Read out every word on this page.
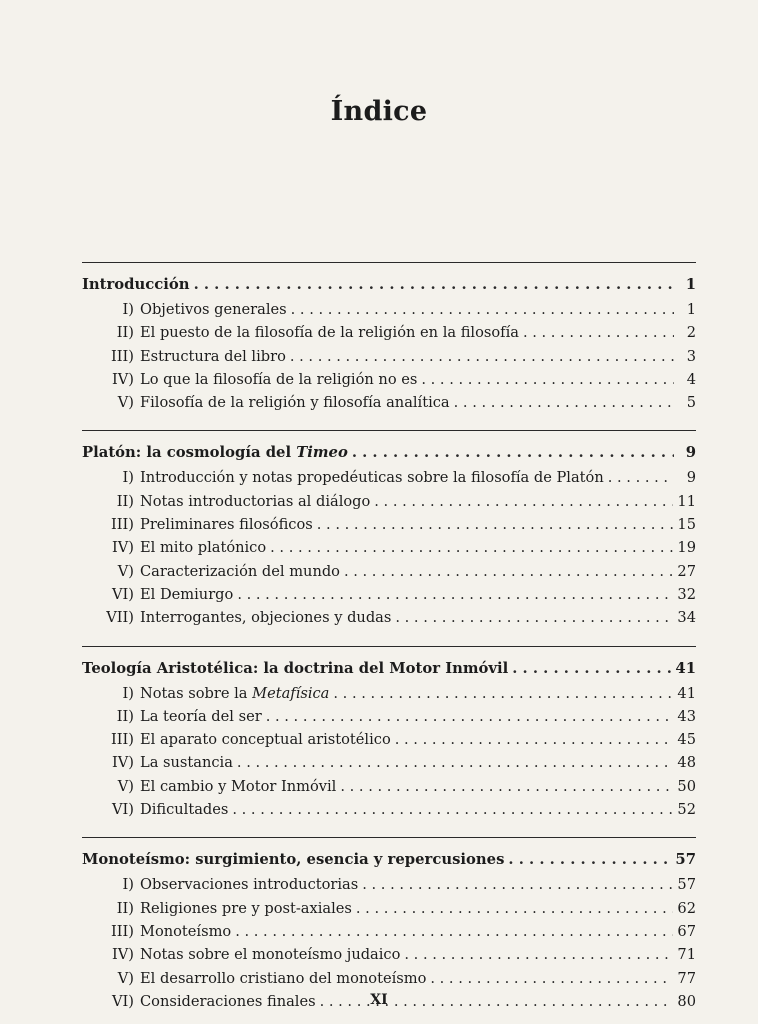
Índice
Introducción . . .	1
I) Objetivos generales . . .	1
II) El puesto de la filosofía de la religión en la filosofía . . .	2
III) Estructura del libro . . .	3
IV) Lo que la filosofía de la religión no es . . .	4
V) Filosofía de la religión y filosofía analítica . . .	5
Platón: la cosmología del Timeo . . .	9
I) Introducción y notas propedéuticas sobre la filosofía de Platón . . .	9
II) Notas introductorias al diálogo . . .	11
III) Preliminares filosóficos . . .	15
IV) El mito platónico . . .	19
V) Caracterización del mundo . . .	27
VI) El Demiurgo . . .	32
VII) Interrogantes, objeciones y dudas . . .	34
Teología Aristotélica: la doctrina del Motor Inmóvil . . .	41
I) Notas sobre la Metafísica . . .	41
II) La teoría del ser . . .	43
III) El aparato conceptual aristotélico . . .	45
IV) La sustancia . . .	48
V) El cambio y Motor Inmóvil . . .	50
VI) Dificultades . . .	52
Monoteísmo: surgimiento, esencia y repercusiones . . .	57
I) Observaciones introductorias . . .	57
II) Religiones pre y post-axiales . . .	62
III) Monoteísmo . . .	67
IV) Notas sobre el monoteísmo judaico . . .	71
V) El desarrollo cristiano del monoteísmo . . .	77
VI) Consideraciones finales . . .	80
XI
